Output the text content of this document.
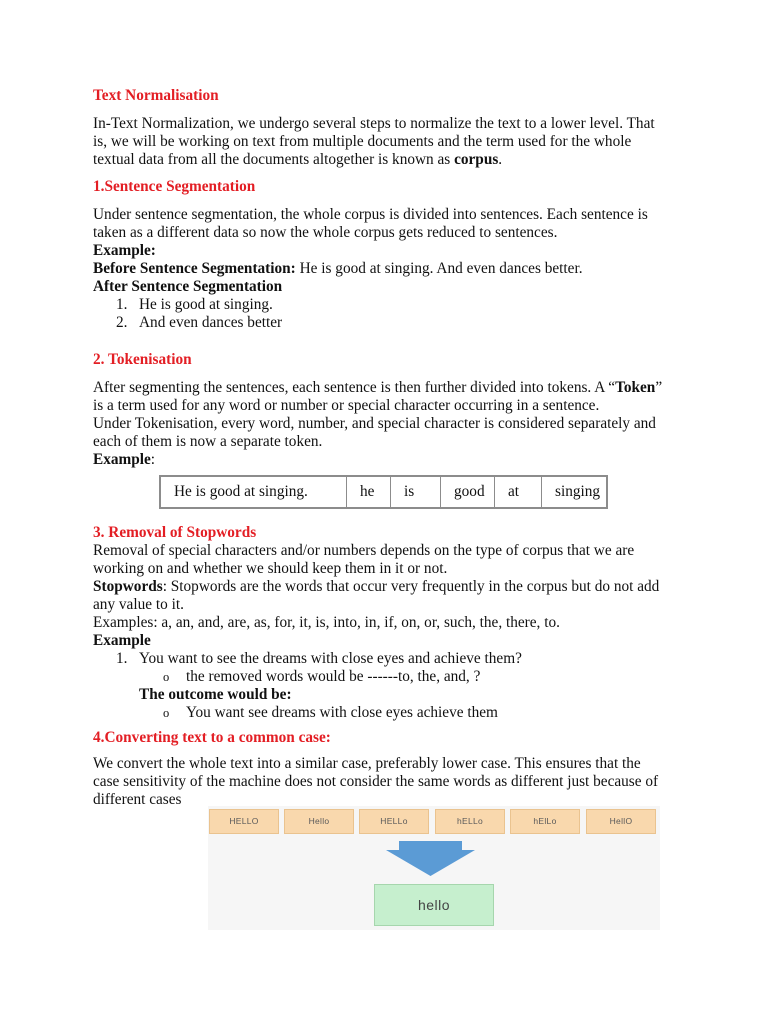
Text Normalisation
In-Text Normalization, we undergo several steps to normalize the text to a lower level. That
is, we will be working on text from multiple documents and the term used for the whole
textual data from all the documents altogether is known as corpus.
1.Sentence Segmentation
Under sentence segmentation, the whole corpus is divided into sentences. Each sentence is
taken as a different data so now the whole corpus gets reduced to sentences.
Example:
Before Sentence Segmentation: He is good at singing. And even dances better.
After Sentence Segmentation
1. He is good at singing.
2. And even dances better
2. Tokenisation
After segmenting the sentences, each sentence is then further divided into tokens. A “Token”
is a term used for any word or number or special character occurring in a sentence.
Under Tokenisation, every word, number, and special character is considered separately and
each of them is now a separate token.
Example:
He is good at singing.	he	is	good	at	singing
3. Removal of Stopwords
Removal of special characters and/or numbers depends on the type of corpus that we are
working on and whether we should keep them in it or not.
Stopwords: Stopwords are the words that occur very frequently in the corpus but do not add
any value to it.
Examples: a, an, and, are, as, for, it, is, into, in, if, on, or, such, the, there, to.
Example
1. You want to see the dreams with close eyes and achieve them?
o the removed words would be ------to, the, and, ?
The outcome would be:
o You want see dreams with close eyes achieve them
4.Converting text to a common case:
We convert the whole text into a similar case, preferably lower case. This ensures that the
case sensitivity of the machine does not consider the same words as different just because of
different cases
HELLO	Hello	HELLo	hELLo	hElLo	HellO
hello
